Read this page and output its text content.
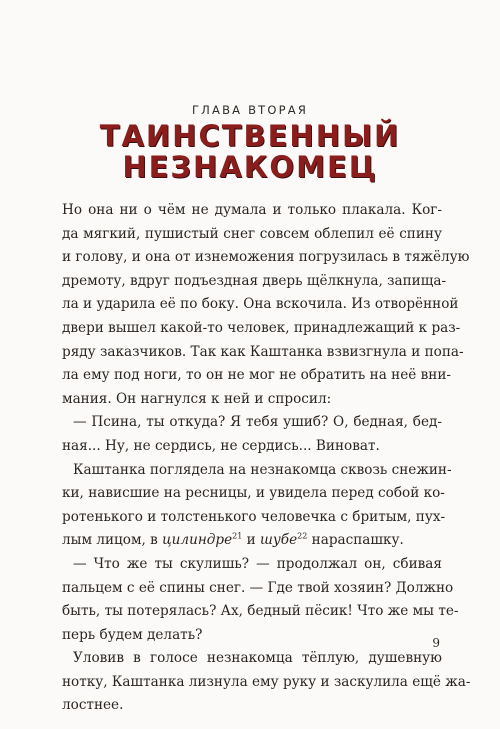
ГЛАВА ВТОРАЯ
ТАИНСТВЕННЫЙ
НЕЗНАКОМЕЦ

Но она ни о чём не думала и только плакала. Ког-
да мягкий, пушистый снег совсем облепил её спину
и голову, и она от изнеможения погрузилась в тяжёлую
дремоту, вдруг подъездная дверь щёлкнула, запища-
ла и ударила её по боку. Она вскочила. Из отворённой
двери вышел какой-то человек, принадлежащий к раз-
ряду заказчиков. Так как Каштанка взвизгнула и попа-
ла ему под ноги, то он не мог не обратить на неё вни-
мания. Он нагнулся к ней и спросил:

— Псина, ты откуда? Я тебя ушиб? О, бедная, бед-
ная... Ну, не сердись, не сердись... Виноват.

Каштанка поглядела на незнакомца сквозь снежин-
ки, нависшие на ресницы, и увидела перед собой ко-
ротенького и толстенького человечка с бритым, пух-
лым лицом, в цилиндре$^{21}$ и шубе$^{22}$ нараспашку.

— Что же ты скулишь? — продолжал он, сбивая
пальцем с её спины снег. — Где твой хозяин? Должно
быть, ты потерялась? Ах, бедный пёсик! Что же мы те-
перь будем делать?

Уловив в голосе незнакомца тёплую, душевную
нотку, Каштанка лизнула ему руку и заскулила ещё жа-
лостнее.

9
